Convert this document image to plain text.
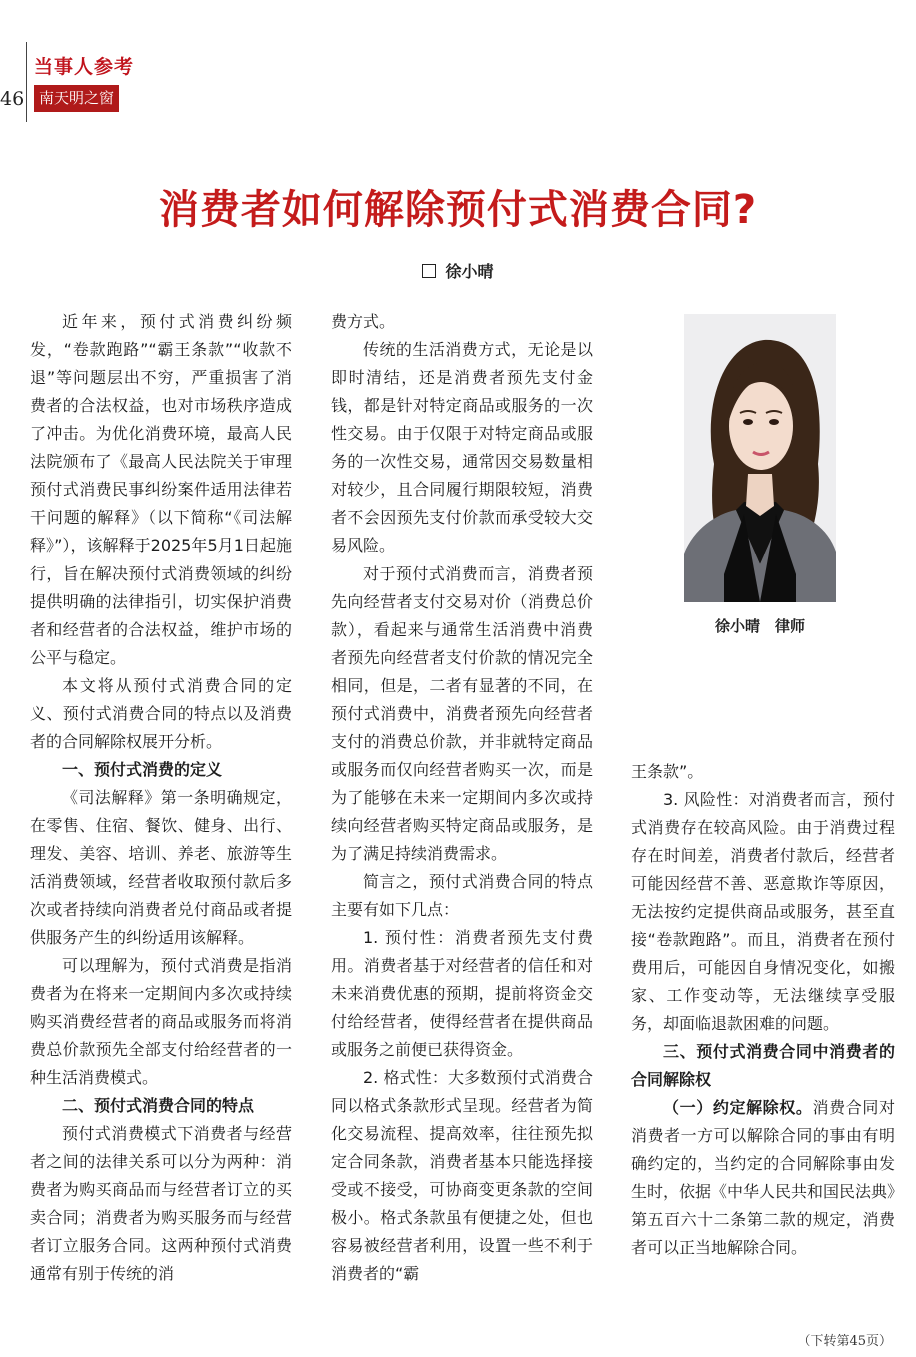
46
当事人参考
南天明之窗
消费者如何解除预付式消费合同?
徐小晴

近年来，预付式消费纠纷频发，“卷款跑路”“霸王条款”“收款不退”等问题层出不穷，严重损害了消费者的合法权益，也对市场秩序造成了冲击。为优化消费环境，最高人民法院颁布了《最高人民法院关于审理预付式消费民事纠纷案件适用法律若干问题的解释》（以下简称“《司法解释》”），该解释于2025年5月1日起施行，旨在解决预付式消费领域的纠纷提供明确的法律指引，切实保护消费者和经营者的合法权益，维护市场的公平与稳定。

本文将从预付式消费合同的定义、预付式消费合同的特点以及消费者的合同解除权展开分析。

一、预付式消费的定义

《司法解释》第一条明确规定，在零售、住宿、餐饮、健身、出行、理发、美容、培训、养老、旅游等生活消费领域，经营者收取预付款后多次或者持续向消费者兑付商品或者提供服务产生的纠纷适用该解释。

可以理解为，预付式消费是指消费者为在将来一定期间内多次或持续购买消费经营者的商品或服务而将消费总价款预先全部支付给经营者的一种生活消费模式。

二、预付式消费合同的特点

预付式消费模式下消费者与经营者之间的法律关系可以分为两种：消费者为购买商品而与经营者订立的买卖合同；消费者为购买服务而与经营者订立服务合同。这两种预付式消费通常有别于传统的消

费方式。

传统的生活消费方式，无论是以即时清结，还是消费者预先支付金钱，都是针对特定商品或服务的一次性交易。由于仅限于对特定商品或服务的一次性交易，通常因交易数量相对较少，且合同履行期限较短，消费者不会因预先支付价款而承受较大交易风险。

对于预付式消费而言，消费者预先向经营者支付交易对价（消费总价款），看起来与通常生活消费中消费者预先向经营者支付价款的情况完全相同，但是，二者有显著的不同，在预付式消费中，消费者预先向经营者支付的消费总价款，并非就特定商品或服务而仅向经营者购买一次，而是为了能够在未来一定期间内多次或持续向经营者购买特定商品或服务，是为了满足持续消费需求。

简言之，预付式消费合同的特点主要有如下几点：

1. 预付性：消费者预先支付费用。消费者基于对经营者的信任和对未来消费优惠的预期，提前将资金交付给经营者，使得经营者在提供商品或服务之前便已获得资金。

2. 格式性：大多数预付式消费合同以格式条款形式呈现。经营者为简化交易流程、提高效率，往往预先拟定合同条款，消费者基本只能选择接受或不接受，可协商变更条款的空间极小。格式条款虽有便捷之处，但也容易被经营者利用，设置一些不利于消费者的“霸

徐小晴　律师

王条款”。

3. 风险性：对消费者而言，预付式消费存在较高风险。由于消费过程存在时间差，消费者付款后，经营者可能因经营不善、恶意欺诈等原因，无法按约定提供商品或服务，甚至直接“卷款跑路”。而且，消费者在预付费用后，可能因自身情况变化，如搬家、工作变动等，无法继续享受服务，却面临退款困难的问题。

三、预付式消费合同中消费者的合同解除权

（一）约定解除权。消费合同对消费者一方可以解除合同的事由有明确约定的，当约定的合同解除事由发生时，依据《中华人民共和国民法典》第五百六十二条第二款的规定，消费者可以正当地解除合同。

（下转第45页）
